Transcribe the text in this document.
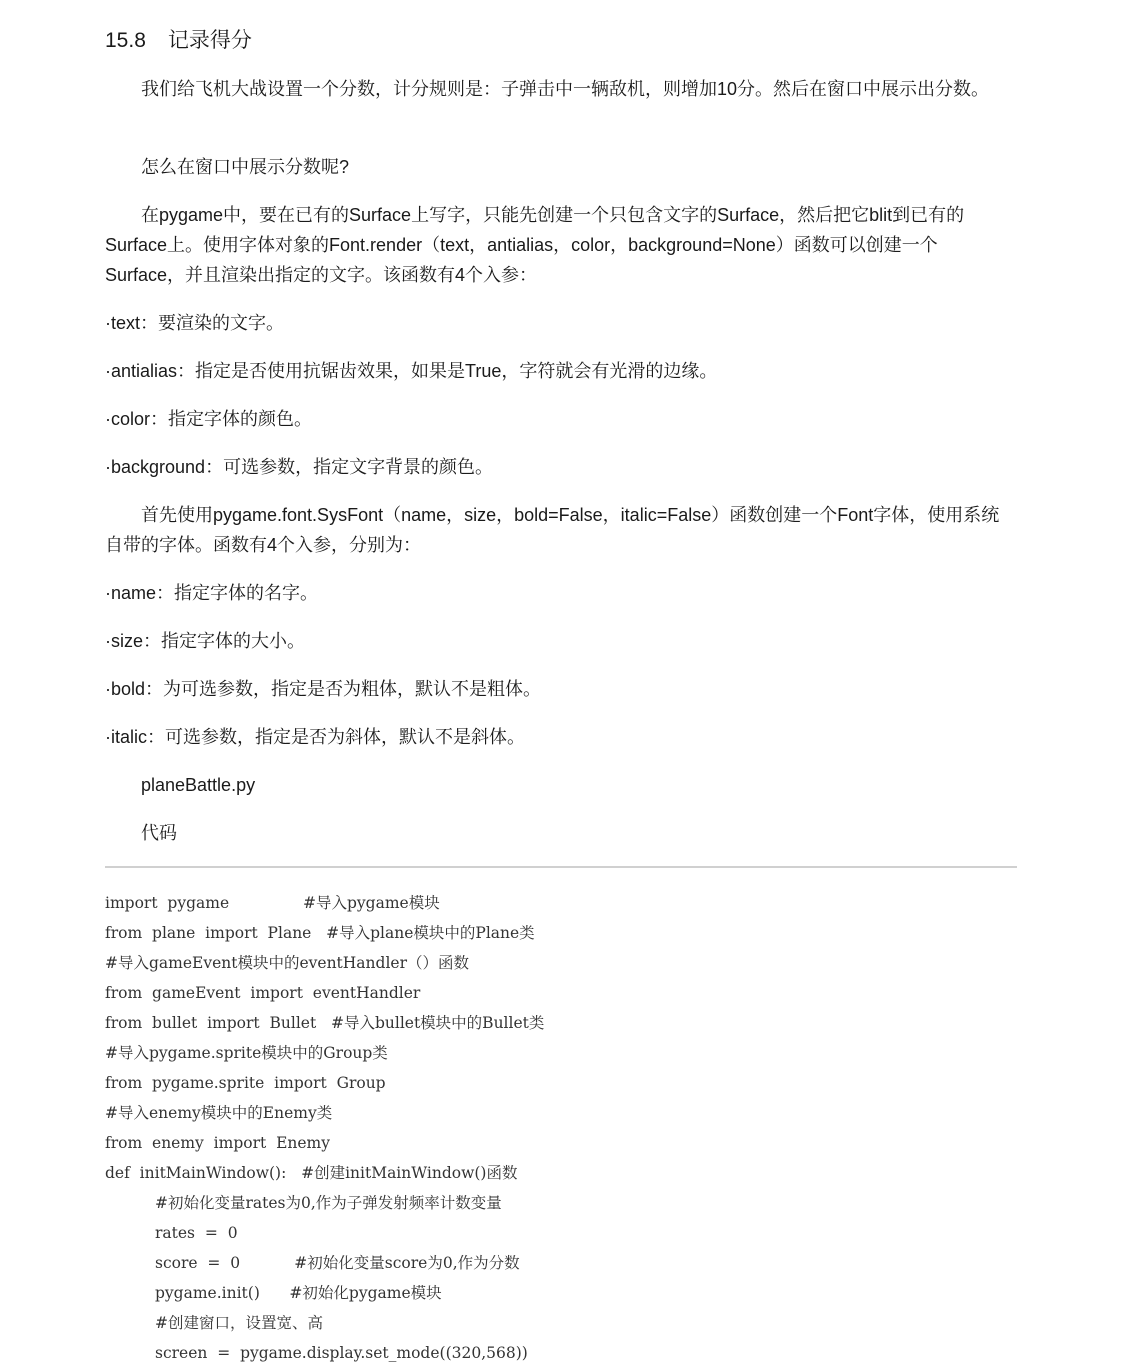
15.8 记录得分

我们给飞机大战设置一个分数，计分规则是：子弹击中一辆敌机，则增加10分。然后在窗口中展示出分数。

怎么在窗口中展示分数呢?

在pygame中，要在已有的Surface上写字，只能先创建一个只包含文字的Surface，然后把它blit到已有的Surface上。使用字体对象的Font.render（text，antialias，color，background=None）函数可以创建一个Surface，并且渲染出指定的文字。该函数有4个入参：

·text：要渲染的文字。

·antialias：指定是否使用抗锯齿效果，如果是True，字符就会有光滑的边缘。

·color：指定字体的颜色。

·background：可选参数，指定文字背景的颜色。

首先使用pygame.font.SysFont（name，size，bold=False，italic=False）函数创建一个Font字体，使用系统自带的字体。函数有4个入参，分别为：

·name：指定字体的名字。

·size：指定字体的大小。

·bold：为可选参数，指定是否为粗体，默认不是粗体。

·italic：可选参数，指定是否为斜体，默认不是斜体。

planeBattle.py

代码

import  pygame               #导入pygame模块
from  plane  import  Plane   #导入plane模块中的Plane类
#导入gameEvent模块中的eventHandler（）函数
from  gameEvent  import  eventHandler
from  bullet  import  Bullet   #导入bullet模块中的Bullet类
#导入pygame.sprite模块中的Group类
from  pygame.sprite  import  Group
#导入enemy模块中的Enemy类
from  enemy  import  Enemy
def  initMainWindow():   #创建initMainWindow()函数
#初始化变量rates为0,作为子弹发射频率计数变量
rates  =  0
score  =  0           #初始化变量score为0,作为分数
pygame.init()      #初始化pygame模块
#创建窗口，设置宽、高
screen  =  pygame.display.set_mode((320,568))
